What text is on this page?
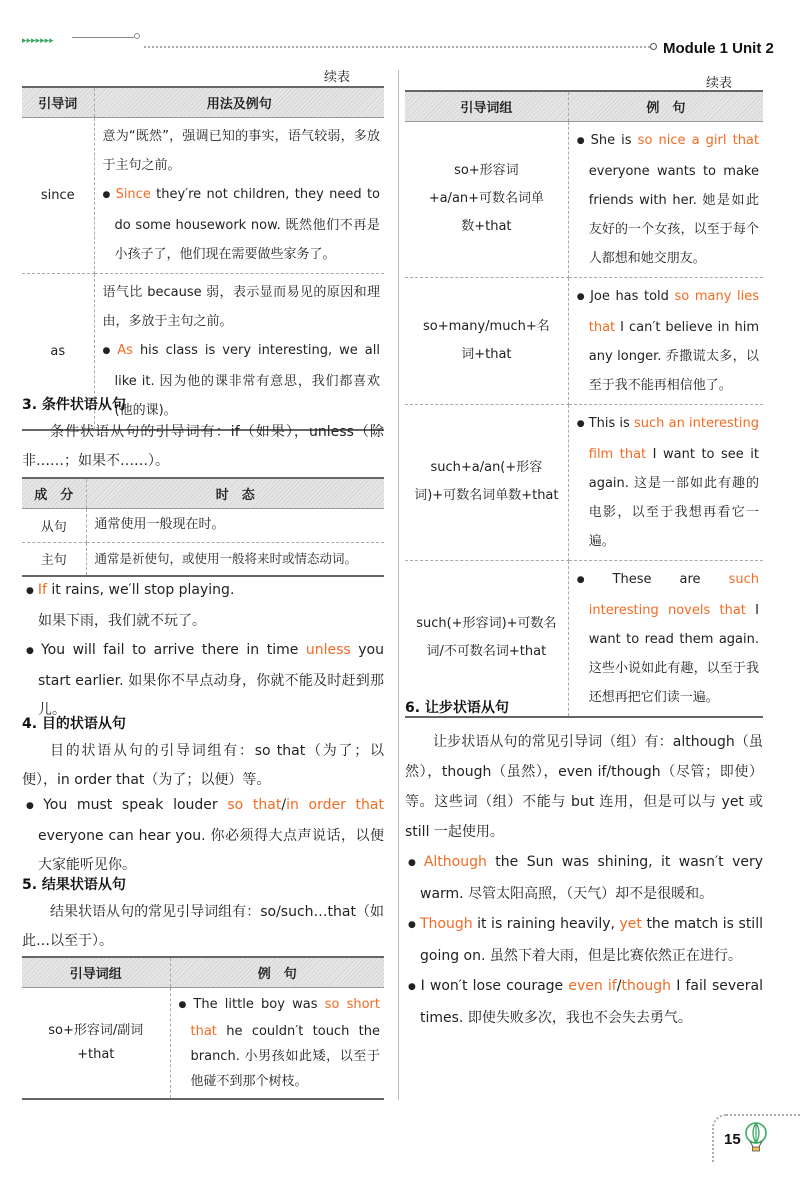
▸▸▸▸▸▸▸	Module 1 Unit 2
续表
引导词	用法及例句
since	意为“既然”，强调已知的事实，语气较弱，多放于主句之前。
● Since they′re not children, they need to do some housework now. 既然他们不再是小孩子了，他们现在需要做些家务了。

as	语气比 because 弱，表示显而易见的原因和理由，多放于主句之前。
● As his class is very interesting, we all like it. 因为他的课非常有意思，我们都喜欢(他的课)。
3. 条件状语从句
条件状语从句的引导词有：if（如果），unless（除非……；如果不……）。
成　分	时　态
从句	通常使用一般现在时。
主句	通常是祈使句，或使用一般将来时或情态动词。
● If it rains, we′ll stop playing.
如果下雨，我们就不玩了。
● You will fail to arrive there in time unless you start earlier. 如果你不早点动身，你就不能及时赶到那儿。
4. 目的状语从句
目的状语从句的引导词组有：so that（为了；以便），in order that（为了；以便）等。
● You must speak louder so that/in order that everyone can hear you. 你必须得大点声说话，以便大家能听见你。
5. 结果状语从句
结果状语从句的常见引导词组有：so/such…that（如此…以至于）。
引导词组	例　句
so+形容词/副词+that	● The little boy was so short that he couldn′t touch the branch. 小男孩如此矮，以至于他碰不到那个树枝。
续表
引导词组	例　句
so+形容词+a/an+可数名词单数+that	● She is so nice a girl that everyone wants to make friends with her. 她是如此友好的一个女孩，以至于每个人都想和她交朋友。

so+many/much+名词+that	● Joe has told so many lies that I can′t believe in him any longer. 乔撒谎太多，以至于我不能再相信他了。

such+a/an(+形容词)+可数名词单数+that	● This is such an interesting film that I want to see it again. 这是一部如此有趣的电影，以至于我想再看它一遍。

such(+形容词)+可数名词/不可数名词+that	● These are such interesting novels that I want to read them again. 这些小说如此有趣，以至于我还想再把它们读一遍。
6. 让步状语从句
让步状语从句的常见引导词（组）有：although（虽然），though（虽然），even if/though（尽管；即使）等。这些词（组）不能与 but 连用，但是可以与 yet 或 still 一起使用。
● Although the Sun was shining, it wasn′t very warm. 尽管太阳高照，（天气）却不是很暖和。
● Though it is raining heavily, yet the match is still going on. 虽然下着大雨，但是比赛依然正在进行。
● I won′t lose courage even if/though I fail several times. 即使失败多次，我也不会失去勇气。
15
